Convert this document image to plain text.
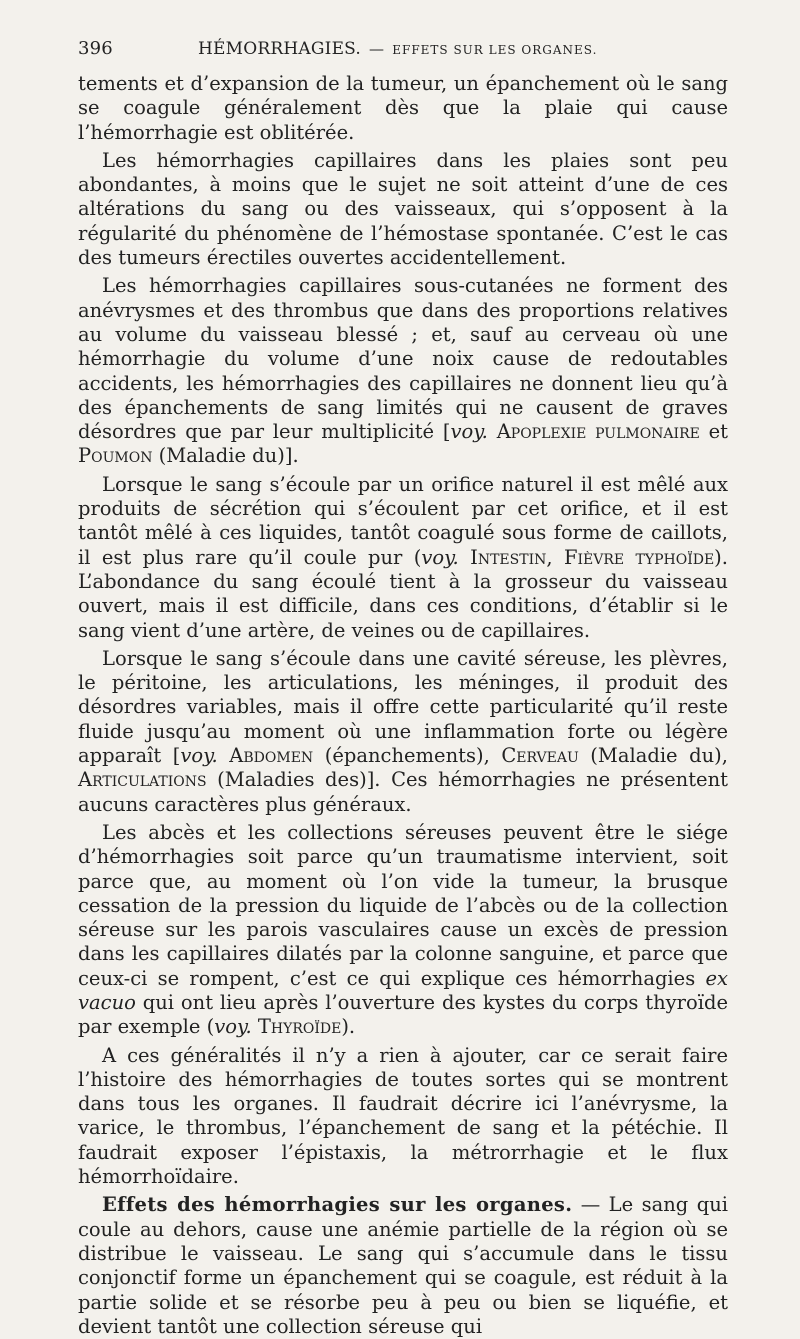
396	HÉMORRHAGIES. — EFFETS SUR LES ORGANES.

tements et d’expansion de la tumeur, un épanchement où le sang se coagule généralement dès que la plaie qui cause l’hémorrhagie est oblitérée.

Les hémorrhagies capillaires dans les plaies sont peu abondantes, à moins que le sujet ne soit atteint d’une de ces altérations du sang ou des vaisseaux, qui s’opposent à la régularité du phénomène de l’hémostase spontanée. C’est le cas des tumeurs érectiles ouvertes accidentellement.

Les hémorrhagies capillaires sous-cutanées ne forment des anévrysmes et des thrombus que dans des proportions relatives au volume du vaisseau blessé ; et, sauf au cerveau où une hémorrhagie du volume d’une noix cause de redoutables accidents, les hémorrhagies des capillaires ne donnent lieu qu’à des épanchements de sang limités qui ne causent de graves désordres que par leur multiplicité [voy. Apoplexie pulmonaire et Poumon (Maladie du)].

Lorsque le sang s’écoule par un orifice naturel il est mêlé aux produits de sécrétion qui s’écoulent par cet orifice, et il est tantôt mêlé à ces liquides, tantôt coagulé sous forme de caillots, il est plus rare qu’il coule pur (voy. Intestin, Fièvre typhoïde). L’abondance du sang écoulé tient à la grosseur du vaisseau ouvert, mais il est difficile, dans ces conditions, d’établir si le sang vient d’une artère, de veines ou de capillaires.

Lorsque le sang s’écoule dans une cavité séreuse, les plèvres, le péritoine, les articulations, les méninges, il produit des désordres variables, mais il offre cette particularité qu’il reste fluide jusqu’au moment où une inflammation forte ou légère apparaît [voy. Abdomen (épanchements), Cerveau (Maladie du), Articulations (Maladies des)]. Ces hémorrhagies ne présentent aucuns caractères plus généraux.

Les abcès et les collections séreuses peuvent être le siége d’hémorrhagies soit parce qu’un traumatisme intervient, soit parce que, au moment où l’on vide la tumeur, la brusque cessation de la pression du liquide de l’abcès ou de la collection séreuse sur les parois vasculaires cause un excès de pression dans les capillaires dilatés par la colonne sanguine, et parce que ceux-ci se rompent, c’est ce qui explique ces hémorrhagies ex vacuo qui ont lieu après l’ouverture des kystes du corps thyroïde par exemple (voy. Thyroïde).

A ces généralités il n’y a rien à ajouter, car ce serait faire l’histoire des hémorrhagies de toutes sortes qui se montrent dans tous les organes. Il faudrait décrire ici l’anévrysme, la varice, le thrombus, l’épanchement de sang et la pétéchie. Il faudrait exposer l’épistaxis, la métrorrhagie et le flux hémorrhoïdaire.

Effets des hémorrhagies sur les organes. — Le sang qui coule au dehors, cause une anémie partielle de la région où se distribue le vaisseau. Le sang qui s’accumule dans le tissu conjonctif forme un épanchement qui se coagule, est réduit à la partie solide et se résorbe peu à peu ou bien se liquéfie, et devient tantôt une collection séreuse qui
